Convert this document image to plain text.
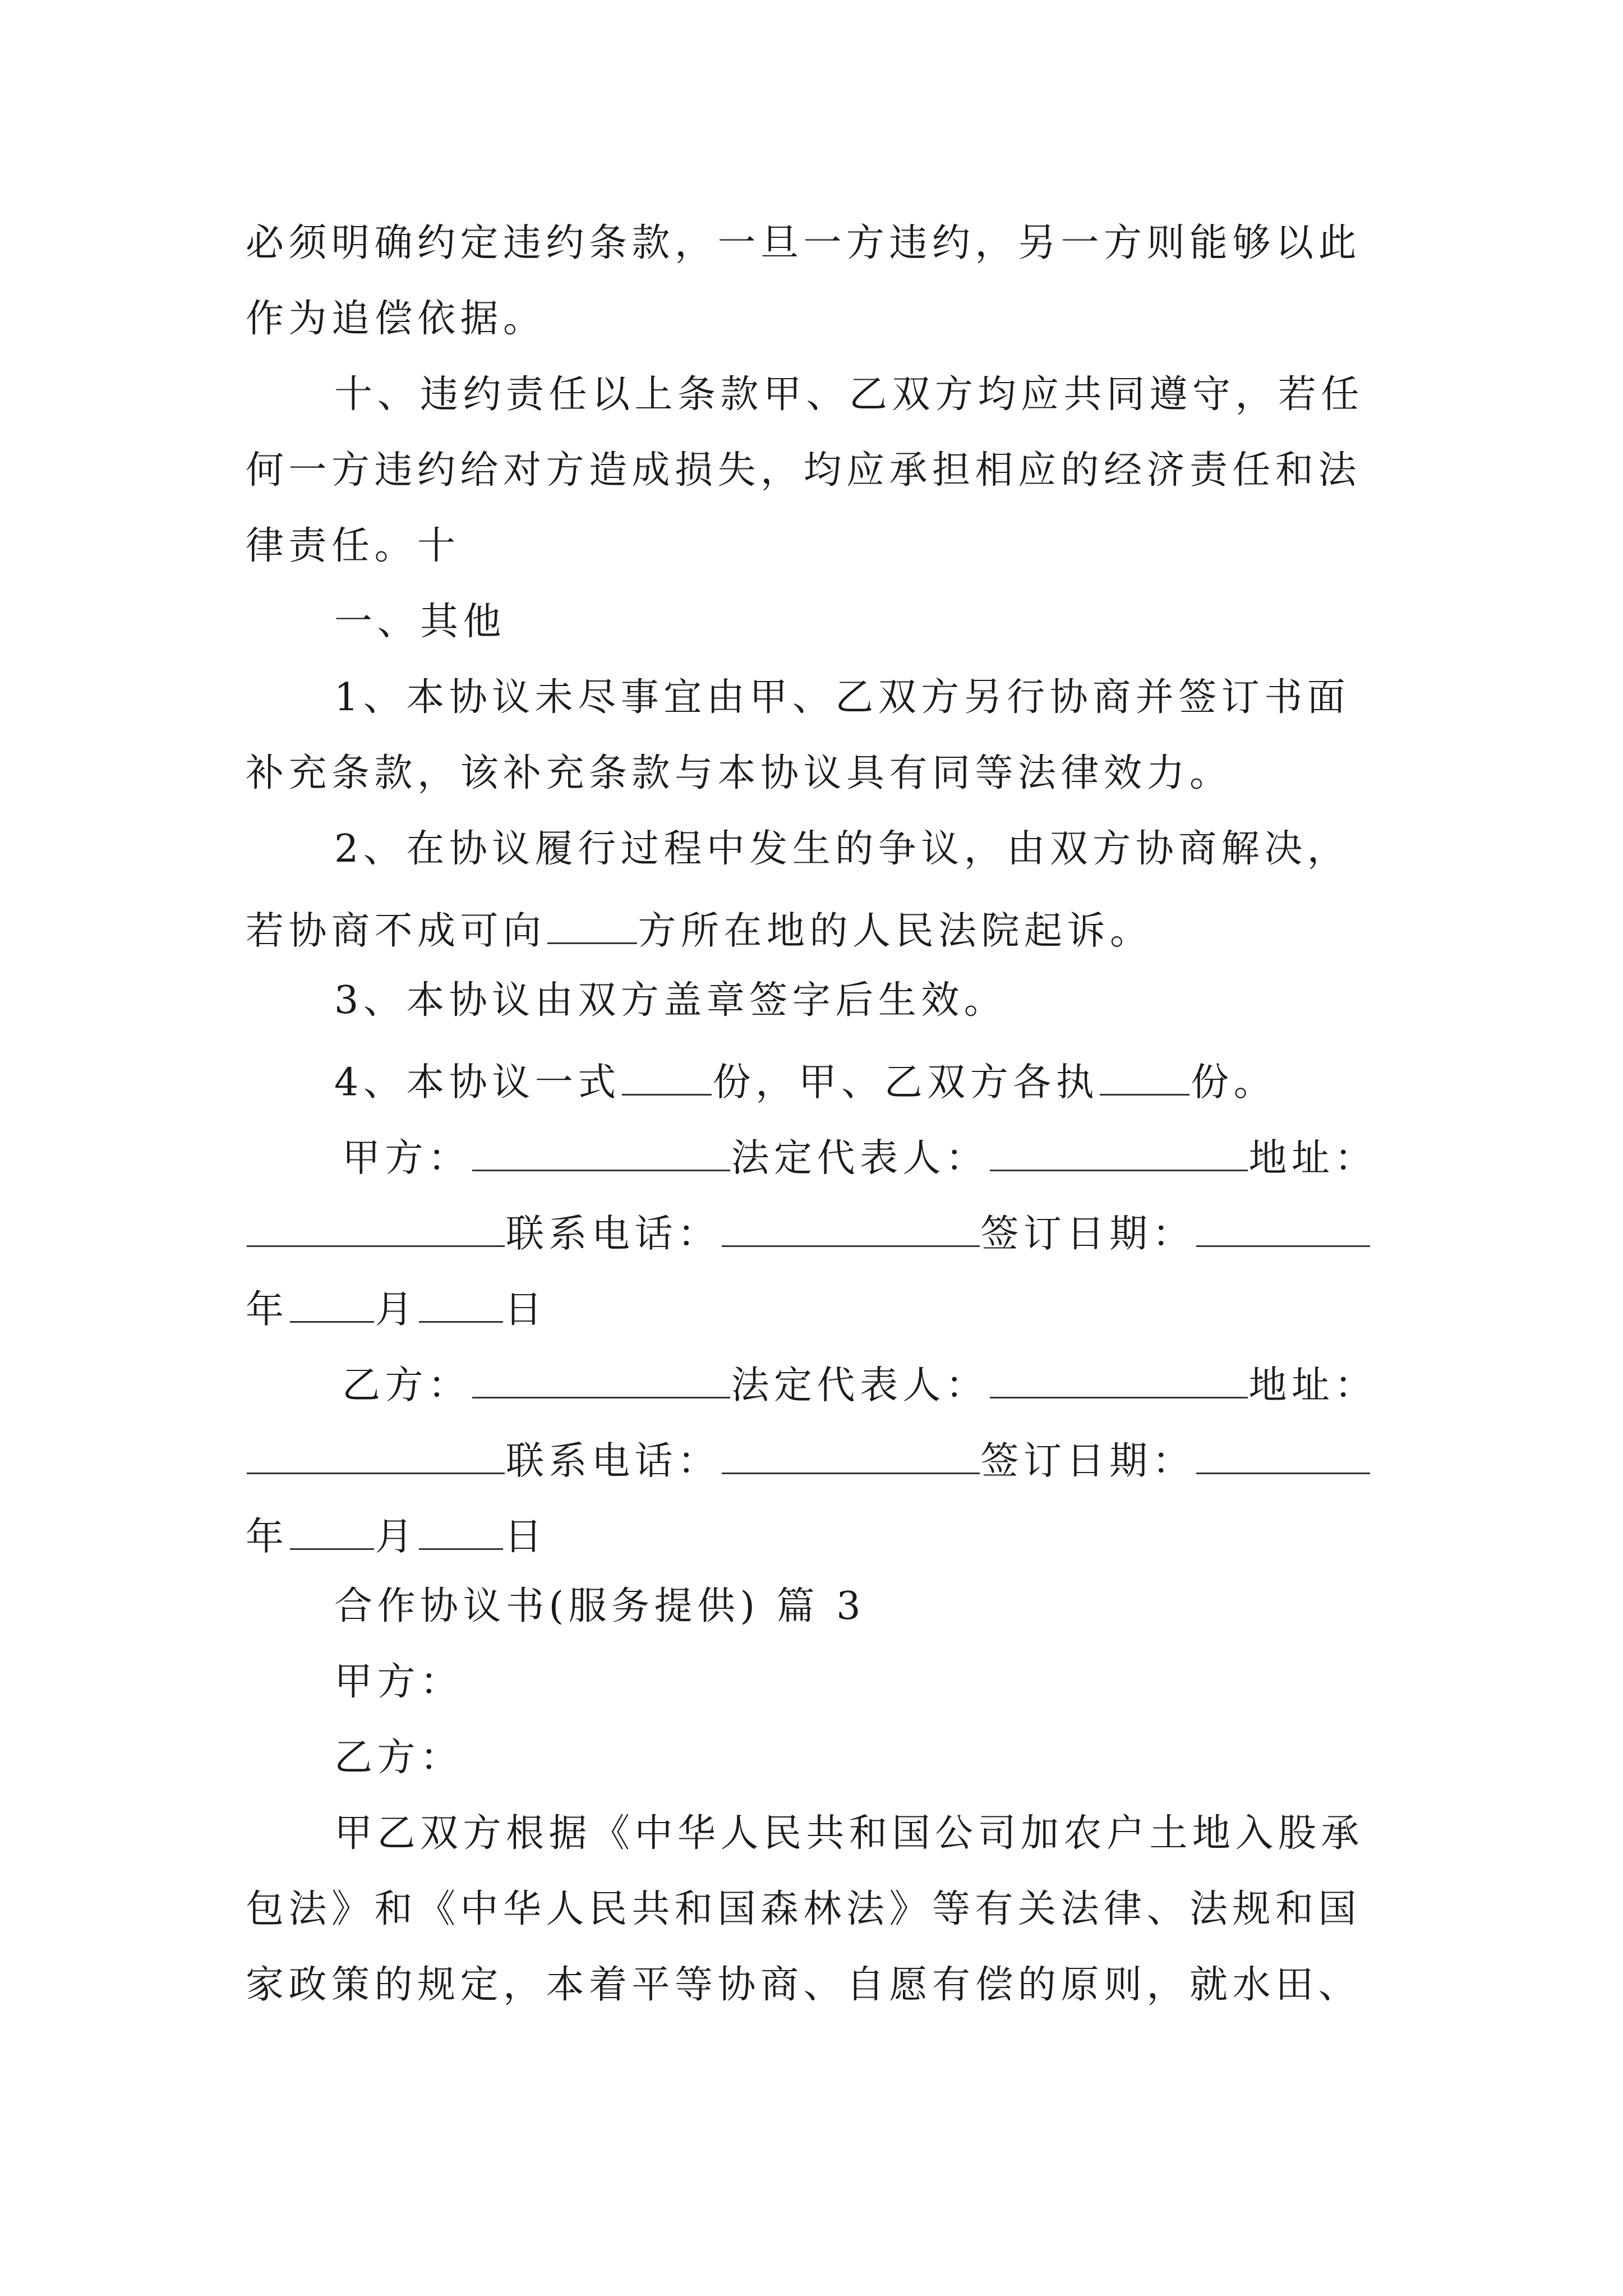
必须明确约定违约条款，一旦一方违约，另一方则能够以此
作为追偿依据。
十、违约责任以上条款甲、乙双方均应共同遵守，若任
何一方违约给对方造成损失，均应承担相应的经济责任和法
律责任。十
一、其他
1、本协议未尽事宜由甲、乙双方另行协商并签订书面
补充条款，该补充条款与本协议具有同等法律效力。
2、在协议履行过程中发生的争议，由双方协商解决，
若协商不成可向 方所在地的人民法院起诉。
3、本协议由双方盖章签字后生效。
4、本协议一式 份，甲、乙双方各执 份。
甲方：	法定代表人：	地址：
联系电话：	签订日期：
年 月 日
乙方：	法定代表人：	地址：
联系电话：	签订日期：
年 月 日
合作协议书(服务提供) 篇 3
甲方：
乙方：
甲乙双方根据《中华人民共和国公司加农户土地入股承
包法》和《中华人民共和国森林法》等有关法律、法规和国
家政策的规定，本着平等协商、自愿有偿的原则，就水田、
